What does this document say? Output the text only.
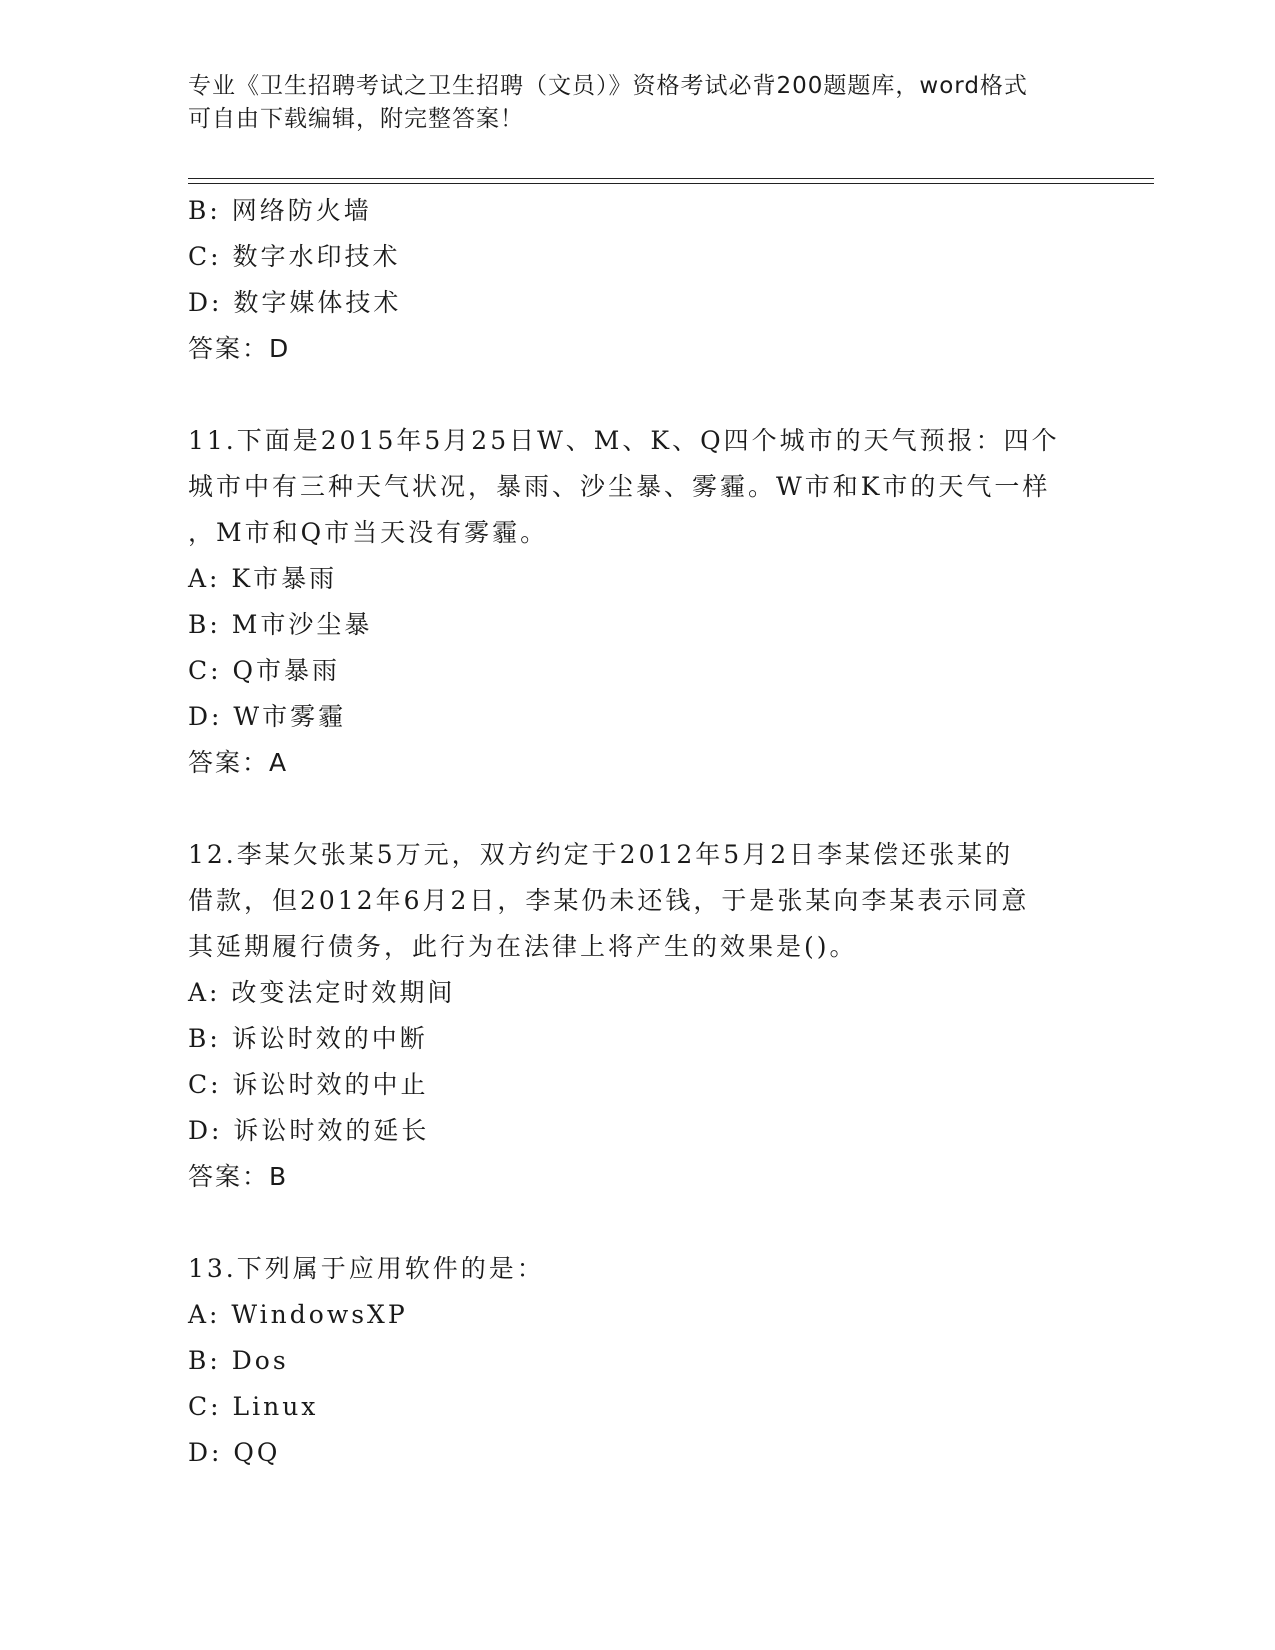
专业《卫生招聘考试之卫生招聘（文员）》资格考试必背200题题库，word格式
可自由下载编辑，附完整答案！
B: 网络防火墙
C: 数字水印技术
D: 数字媒体技术
答案：D
11.下面是2015年5月25日W、M、K、Q四个城市的天气预报：四个
城市中有三种天气状况，暴雨、沙尘暴、雾霾。W市和K市的天气一样
，M市和Q市当天没有雾霾。
A: K市暴雨
B: M市沙尘暴
C: Q市暴雨
D: W市雾霾
答案：A
12.李某欠张某5万元，双方约定于2012年5月2日李某偿还张某的
借款，但2012年6月2日，李某仍未还钱，于是张某向李某表示同意
其延期履行债务，此行为在法律上将产生的效果是()。
A: 改变法定时效期间
B: 诉讼时效的中断
C: 诉讼时效的中止
D: 诉讼时效的延长
答案：B
13.下列属于应用软件的是：
A: WindowsXP
B: Dos
C: Linux
D: QQ
